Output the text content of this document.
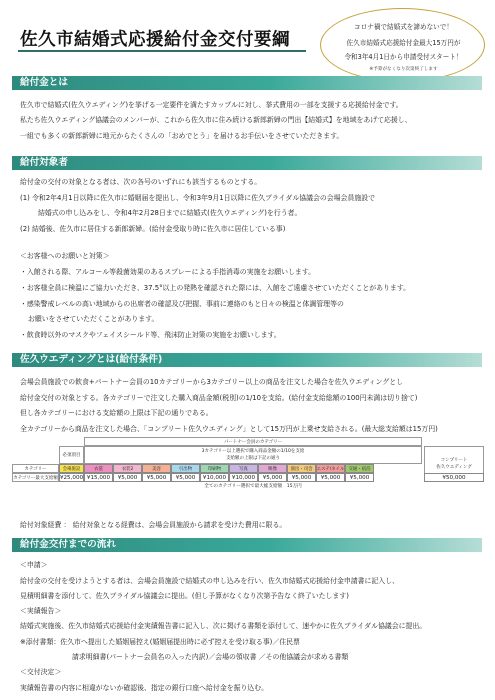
佐久市結婚式応援給付金交付要綱
コロナ禍で結婚式を諦めないで！
佐久市結婚式応援給付金最大15万円が
令和3年4月1日から申請受付スタート！
※予算がなくなり次第終了します
給付金とは
佐久市で結婚式(佐久ウエディング)を挙げる一定要件を満たすカップルに対し、挙式費用の一部を支援する応援給付金です。
私たち佐久ウエディング協議会のメンバーが、これから佐久市に住み続ける新郎新婦の門出【結婚式】を地域をあげて応援し、
一組でも多くの新郎新婦に地元からたくさんの「おめでとう」を届けるお手伝いをさせていただきます。
給付対象者
給付金の交付の対象となる者は、次の各号のいずれにも該当するものとする。
(1) 令和2年4月1日以降に佐久市に婚姻届を提出し、令和3年9月1日以降に佐久ブライダル協議会の会場会員施設で
結婚式の申し込みをし、令和4年2月28日までに結婚式(佐久ウエディング)を行う者。
(2) 結婚後、佐久市に居住する新郎新婦。(給付金受取り時に佐久市に居住している事)
＜お客様へのお願いと対策＞
・入館される際、アルコール等殺菌効果のあるスプレーによる手指消毒の実施をお願いします。
・お客様全員に検温にご協力いただき、37.5°以上の発熱を確認された際には、入館をご遠慮させていただくことがあります。
・感染警戒レベルの高い地域からの出席者の確認及び把握、事前に連絡のもと日々の検温と体調管理等の
お願いをさせていただくことがあります。
・飲食時以外のマスクやフェイスシールド等、飛沫防止対策の実施をお願いします。
佐久ウエディングとは(給付条件)
会場会員施設での飲食+パートナー会員の10カテゴリーから3カテゴリー以上の商品を注文した場合を佐久ウエディングとし
給付金交付の対象とする。各カテゴリーで注文した購入商品金額(税別)の1/10を支給。(給付金支給総額の100円未満は切り捨て)
但し各カテゴリーにおける支給額の上限は下記の通りである。
全カテゴリーから商品を注文した場合、「コンプリート佐久ウエディング」として15万円が上乗せ支給される。(最大総支給額は15万円)
パートナー会員のカテゴリー
3カテゴリー以上選択で購入商品金額の1/10を支給
支給額の上限は下記の通り
必須項目
コンプリート
佐久ウエディング
カテゴリー
カテゴリー最大支給額
会場施設
¥25,000
衣裳
¥15,000
衣装2
¥5,000
美容
¥5,000
引出物
¥5,000
印刷物
¥10,000
写真
¥10,000
映像
¥5,000
演出・司会
¥5,000
エステ/ネイル
¥5,000
交通・宿泊
¥5,000	¥50,000
全てのカテゴリー選択で最大総支給額　15万円
給付対象経費 ： 給付対象となる経費は、会場会員施設から請求を受けた費用に限る。
給付金交付までの流れ
＜申請＞
給付金の交付を受けようとする者は、会場会員施設で結婚式の申し込みを行い、佐久市結婚式応援給付金申請書に記入し、
見積明細書を添付して、佐久ブライダル協議会に提出。(但し予算がなくなり次第予告なく終了いたします)
＜実績報告＞
結婚式実施後、佐久市結婚式応援給付金実績報告書に記入し、次に掲げる書類を添付して、速やかに佐久ブライダル協議会に提出。
※添付書類：佐久市へ提出した婚姻届控え(婚姻届提出時に必ず控えを受け取る事)／住民票
請求明細書(パートナー会員名の入った内訳)／会場の領収書 ／その他協議会が求める書類
＜交付決定＞
実績報告書の内容に相違がないか確認後、指定の銀行口座へ給付金を振り込む。
